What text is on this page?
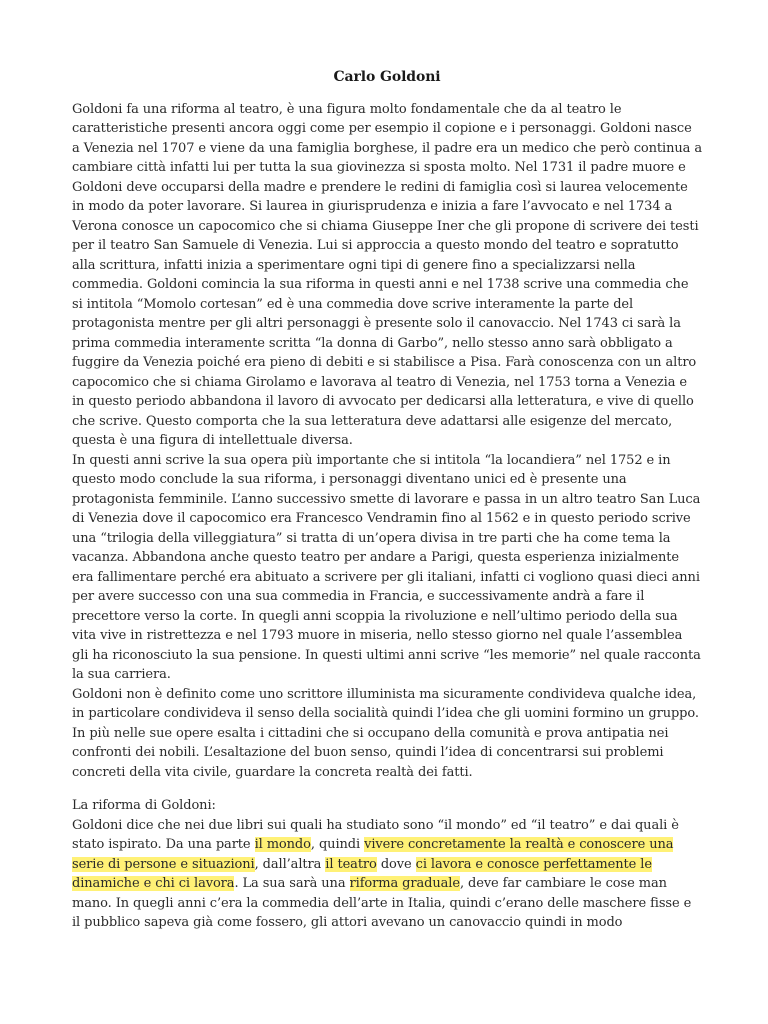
Carlo Goldoni

Goldoni fa una riforma al teatro, è una figura molto fondamentale che da al teatro le caratteristiche presenti ancora oggi come per esempio il copione e i personaggi. Goldoni nasce a Venezia nel 1707 e viene da una famiglia borghese, il padre era un medico che però continua a cambiare città infatti lui per tutta la sua giovinezza si sposta molto. Nel 1731 il padre muore e Goldoni deve occuparsi della madre e prendere le redini di famiglia così si laurea velocemente in modo da poter lavorare. Si laurea in giurisprudenza e inizia a fare l’avvocato e nel 1734 a Verona conosce un capocomico che si chiama Giuseppe Iner che gli propone di scrivere dei testi per il teatro San Samuele di Venezia. Lui si approccia a questo mondo del teatro e sopratutto alla scrittura, infatti inizia a sperimentare ogni tipi di genere fino a specializzarsi nella commedia. Goldoni comincia la sua riforma in questi anni e nel 1738 scrive una commedia che si intitola “Momolo cortesan” ed è una commedia dove scrive interamente la parte del protagonista mentre per gli altri personaggi è presente solo il canovaccio. Nel 1743 ci sarà la prima commedia interamente scritta “la donna di Garbo”, nello stesso anno sarà obbligato a fuggire da Venezia poiché era pieno di debiti e si stabilisce a Pisa. Farà conoscenza con un altro capocomico che si chiama Girolamo e lavorava al teatro di Venezia, nel 1753 torna a Venezia e in questo periodo abbandona il lavoro di avvocato per dedicarsi alla letteratura, e vive di quello che scrive. Questo comporta che la sua letteratura deve adattarsi alle esigenze del mercato, questa è una figura di intellettuale diversa.

In questi anni scrive la sua opera più importante che si intitola “la locandiera” nel 1752 e in questo modo conclude la sua riforma, i personaggi diventano unici ed è presente una protagonista femminile. L’anno successivo smette di lavorare e passa in un altro teatro San Luca di Venezia dove il capocomico era Francesco Vendramin fino al 1562 e in questo periodo scrive una “trilogia della villeggiatura” si tratta di un’opera divisa in tre parti che ha come tema la vacanza. Abbandona anche questo teatro per andare a Parigi, questa esperienza inizialmente era fallimentare perché era abituato a scrivere per gli italiani, infatti ci vogliono quasi dieci anni per avere successo con una sua commedia in Francia, e successivamente andrà a fare il precettore verso la corte. In quegli anni scoppia la rivoluzione e nell’ultimo periodo della sua vita vive in ristrettezza e nel 1793 muore in miseria, nello stesso giorno nel quale l’assemblea gli ha riconosciuto la sua pensione. In questi ultimi anni scrive “les memorie” nel quale racconta la sua carriera.

Goldoni non è definito come uno scrittore illuminista ma sicuramente condivideva qualche idea, in particolare condivideva il senso della socialità quindi l’idea che gli uomini formino un gruppo. In più nelle sue opere esalta i cittadini che si occupano della comunità e prova antipatia nei confronti dei nobili. L’esaltazione del buon senso, quindi l’idea di concentrarsi sui problemi concreti della vita civile, guardare la concreta realtà dei fatti.

La riforma di Goldoni:

Goldoni dice che nei due libri sui quali ha studiato sono “il mondo” ed “il teatro” e dai quali è stato ispirato. Da una parte il mondo, quindi vivere concretamente la realtà e conoscere una serie di persone e situazioni, dall’altra il teatro dove ci lavora e conosce perfettamente le dinamiche e chi ci lavora. La sua sarà una riforma graduale, deve far cambiare le cose man mano. In quegli anni c’era la commedia dell’arte in Italia, quindi c’erano delle maschere fisse e il pubblico sapeva già come fossero, gli attori avevano un canovaccio quindi in modo
